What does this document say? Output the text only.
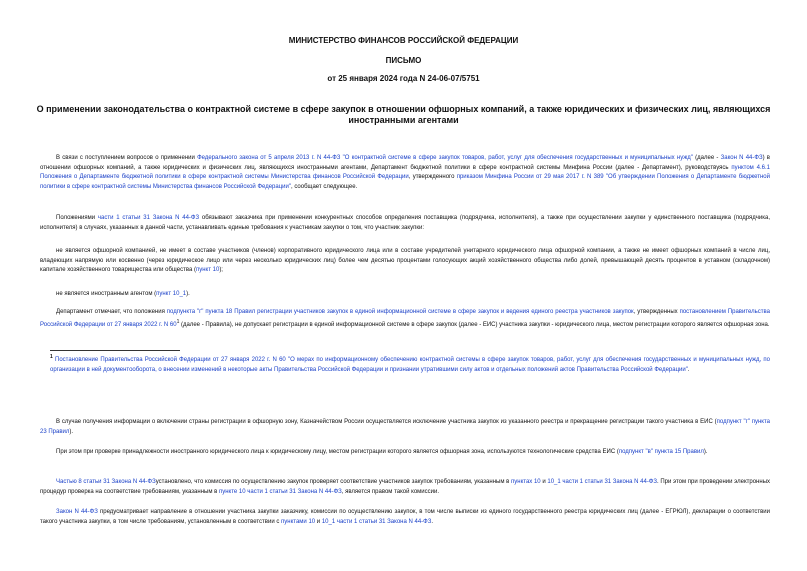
МИНИСТЕРСТВО ФИНАНСОВ РОССИЙСКОЙ ФЕДЕРАЦИИ
ПИСЬМО
от 25 января 2024 года N 24-06-07/5751
О применении законодательства о контрактной системе в сфере закупок в отношении офшорных компаний, а также юридических и физических лиц, являющихся иностранными агентами
В связи с поступлением вопросов о применении Федерального закона от 5 апреля 2013 г. N 44-ФЗ "О контрактной системе в сфере закупок товаров, работ, услуг для обеспечения государственных и муниципальных нужд" (далее - Закон N 44-ФЗ) в отношении офшорных компаний, а также юридических и физических лиц, являющихся иностранными агентами, Департамент бюджетной политики в сфере контрактной системы Минфина России (далее - Департамент), руководствуясь пунктом 4.6.1 Положения о Департаменте бюджетной политики в сфере контрактной системы Министерства финансов Российской Федерации, утвержденного приказом Минфина России от 29 мая 2017 г. N 389 "Об утверждении Положения о Департаменте бюджетной политики в сфере контрактной системы Министерства финансов Российской Федерации", сообщает следующее.
Положениями части 1 статьи 31 Закона N 44-ФЗ обязывают заказчика при применении конкурентных способов определения поставщика (подрядчика, исполнителя), а также при осуществлении закупки у единственного поставщика (подрядчика, исполнителя) в случаях, указанных в данной части, устанавливать единые требования к участникам закупки о том, что участник закупки:
не является офшорной компанией, не имеет в составе участников (членов) корпоративного юридического лица или в составе учредителей унитарного юридического лица офшорной компании, а также не имеет офшорных компаний в числе лиц, владеющих напрямую или косвенно (через юридическое лицо или через несколько юридических лиц) более чем десятью процентами голосующих акций хозяйственного общества либо долей, превышающей десять процентов в уставном (складочном) капитале хозяйственного товарищества или общества (пункт 10);
не является иностранным агентом (пункт 10_1).
Департамент отмечает, что положения подпункта "г" пункта 18 Правил регистрации участников закупок в единой информационной системе в сфере закупок и ведения единого реестра участников закупок, утвержденных постановлением Правительства Российской Федерации от 27 января 2022 г. N $60^1$ (далее - Правила), не допускает регистрации в единой информационной системе в сфере закупок (далее - ЕИС) участника закупки - юридического лица, местом регистрации которого является офшорная зона.
$^1$ Постановление Правительства Российской Федерации от 27 января 2022 г. N 60 "О мерах по информационному обеспечению контрактной системы в сфере закупок товаров, работ, услуг для обеспечения государственных и муниципальных нужд, по организации в ней документооборота, о внесении изменений в некоторые акты Правительства Российской Федерации и признании утратившими силу актов и отдельных положений актов Правительства Российской Федерации".
В случае получения информации о включении страны регистрации в офшорную зону, Казначейством России осуществляется исключение участника закупок из указанного реестра и прекращение регистрации такого участника в ЕИС (подпункт "г" пункта 23 Правил).
При этом при проверке принадлежности иностранного юридического лица к юридическому лицу, местом регистрации которого является офшорная зона, используются технологические средства ЕИС (подпункт "в" пункта 15 Правил).
Частью 8 статьи 31 Закона N 44-ФЗустановлено, что комиссия по осуществлению закупок проверяет соответствие участников закупок требованиям, указанным в пунктах 10 и 10_1 части 1 статьи 31 Закона N 44-ФЗ. При этом при проведении электронных процедур проверка на соответствие требованиям, указанным в пункте 10 части 1 статьи 31 Закона N 44-ФЗ, является правом такой комиссии.
Закон N 44-ФЗ предусматривает направление в отношении участника закупки заказчику, комиссии по осуществлению закупок, в том числе выписки из единого государственного реестра юридических лиц (далее - ЕГРЮЛ), декларации о соответствии такого участника закупки, в том числе требованиям, установленным в соответствии с пунктами 10 и 10_1 части 1 статьи 31 Закона N 44-ФЗ.
